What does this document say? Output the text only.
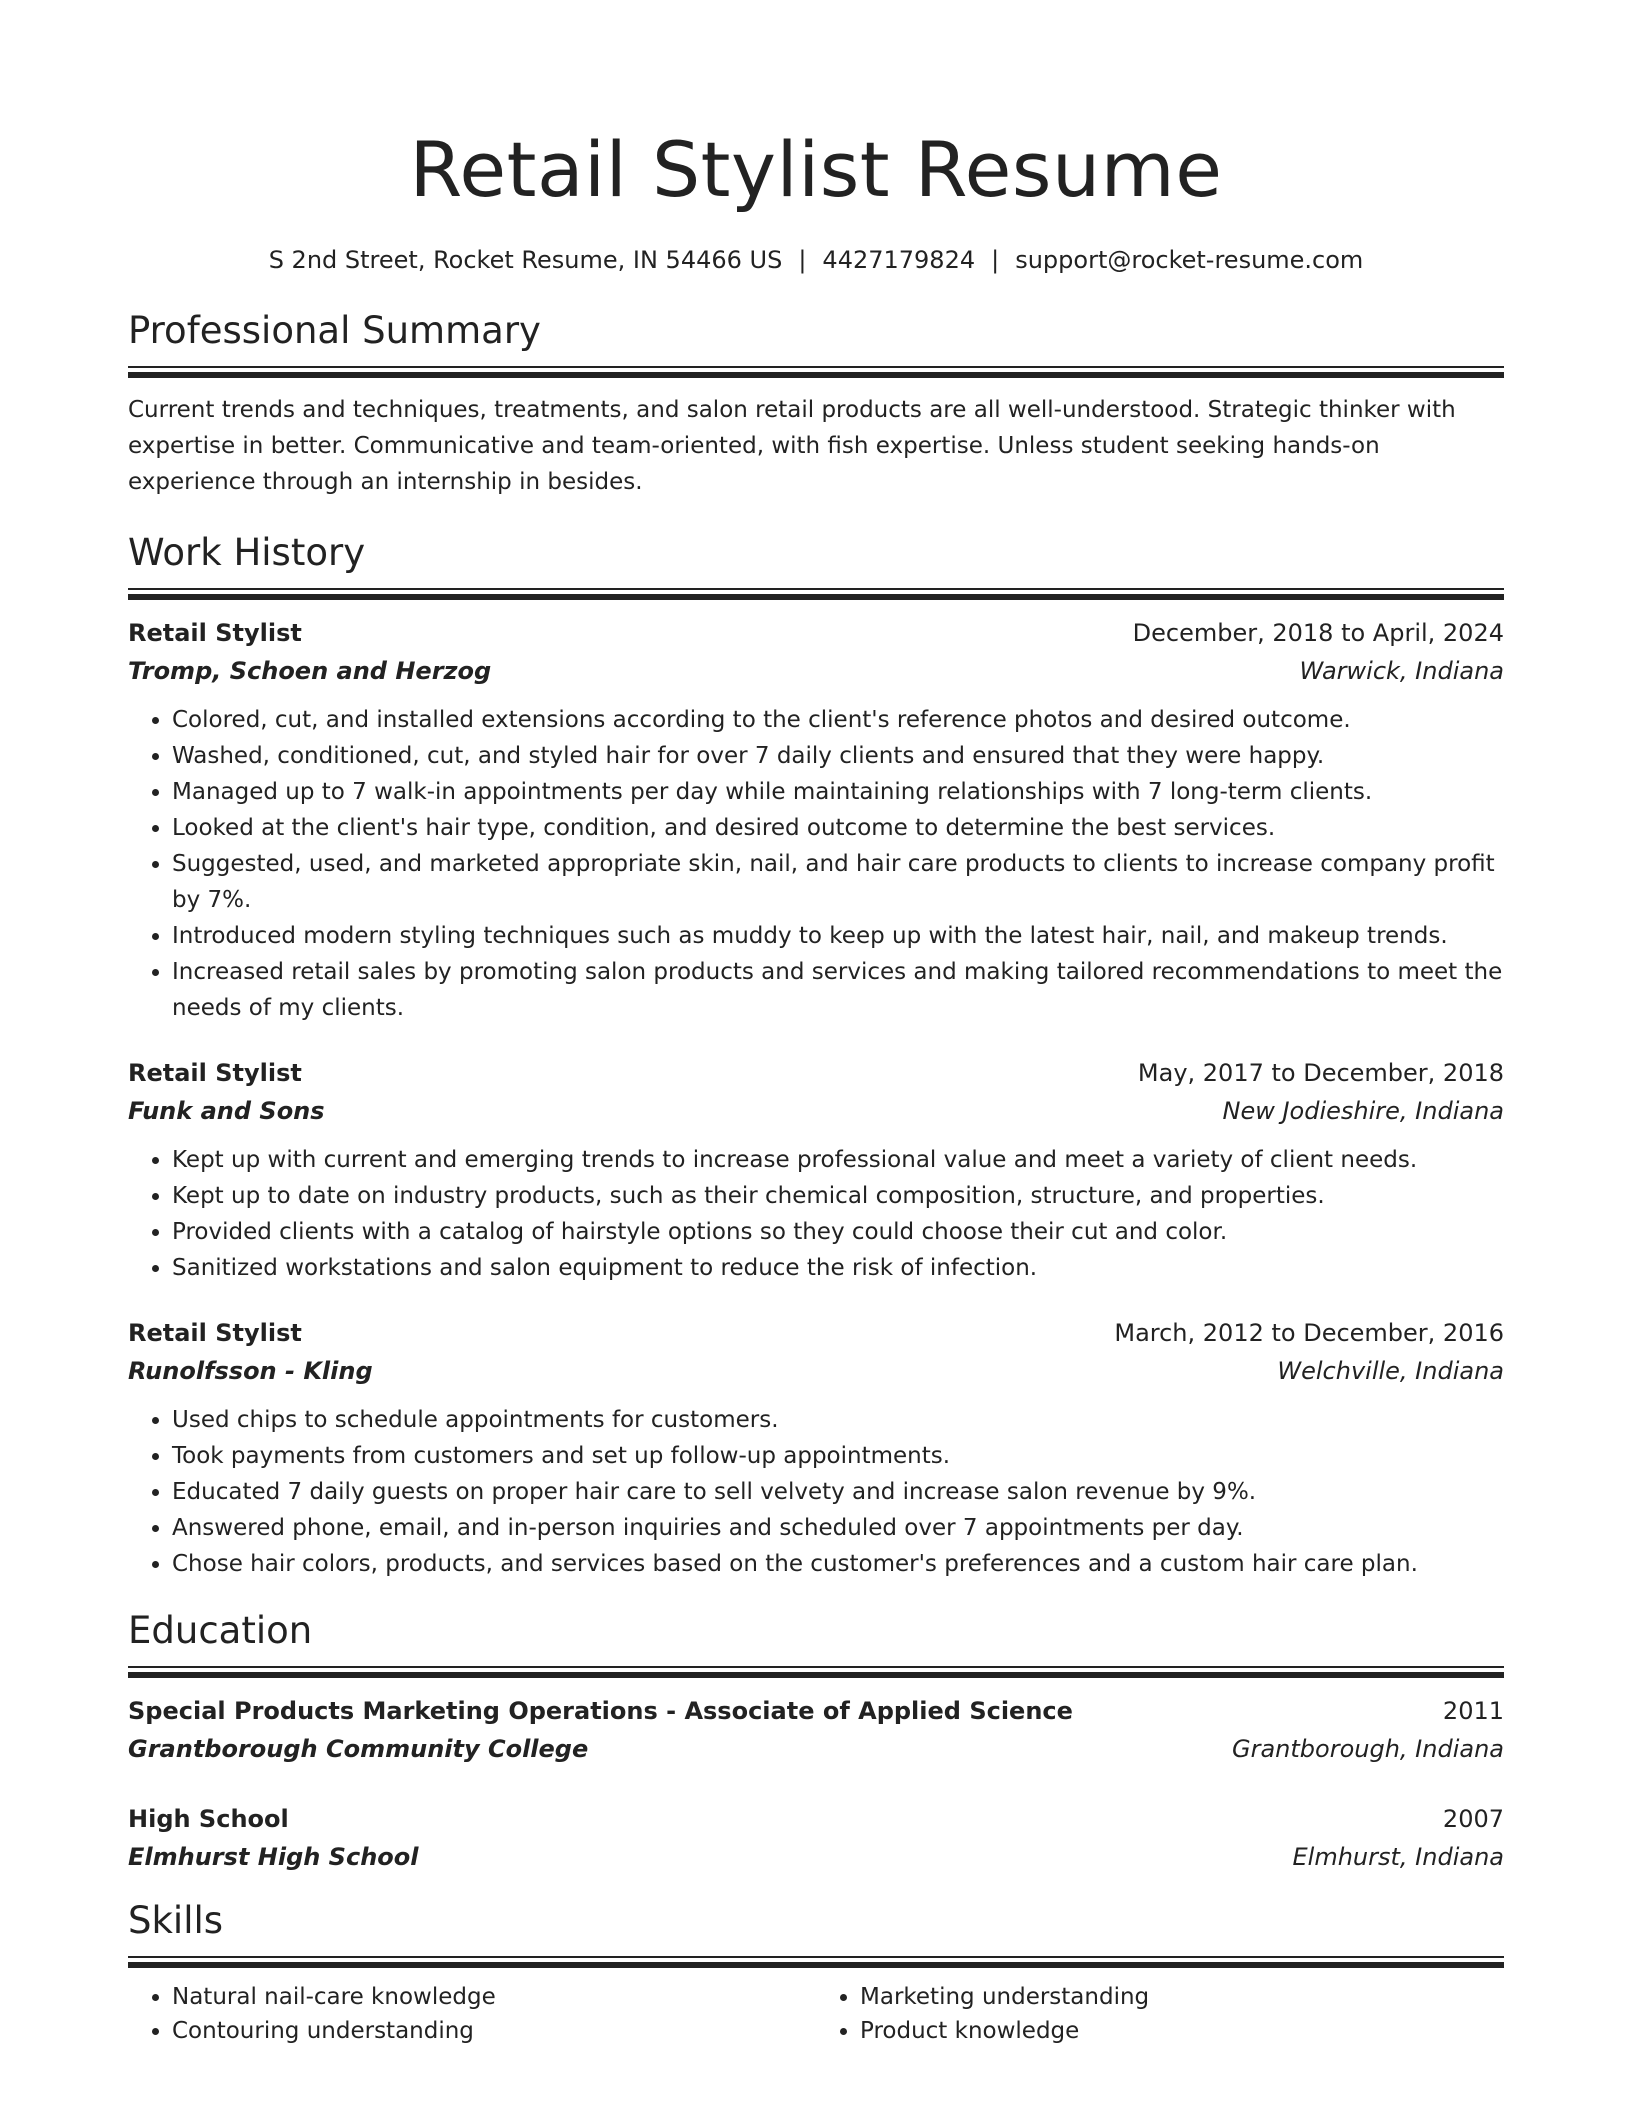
Retail Stylist Resume
S 2nd Street, Rocket Resume, IN 54466 US | 4427179824 | support@rocket-resume.com
Professional Summary
Current trends and techniques, treatments, and salon retail products are all well-understood. Strategic thinker with expertise in better. Communicative and team-oriented, with fish expertise. Unless student seeking hands-on experience through an internship in besides.
Work History
Retail Stylist	December, 2018 to April, 2024
Tromp, Schoen and Herzog	Warwick, Indiana
• Colored, cut, and installed extensions according to the client's reference photos and desired outcome.
• Washed, conditioned, cut, and styled hair for over 7 daily clients and ensured that they were happy.
• Managed up to 7 walk-in appointments per day while maintaining relationships with 7 long-term clients.
• Looked at the client's hair type, condition, and desired outcome to determine the best services.
• Suggested, used, and marketed appropriate skin, nail, and hair care products to clients to increase company profit by 7%.
• Introduced modern styling techniques such as muddy to keep up with the latest hair, nail, and makeup trends.
• Increased retail sales by promoting salon products and services and making tailored recommendations to meet the needs of my clients.
Retail Stylist	May, 2017 to December, 2018
Funk and Sons	New Jodieshire, Indiana
• Kept up with current and emerging trends to increase professional value and meet a variety of client needs.
• Kept up to date on industry products, such as their chemical composition, structure, and properties.
• Provided clients with a catalog of hairstyle options so they could choose their cut and color.
• Sanitized workstations and salon equipment to reduce the risk of infection.
Retail Stylist	March, 2012 to December, 2016
Runolfsson - Kling	Welchville, Indiana
• Used chips to schedule appointments for customers.
• Took payments from customers and set up follow-up appointments.
• Educated 7 daily guests on proper hair care to sell velvety and increase salon revenue by 9%.
• Answered phone, email, and in-person inquiries and scheduled over 7 appointments per day.
• Chose hair colors, products, and services based on the customer's preferences and a custom hair care plan.
Education
Special Products Marketing Operations - Associate of Applied Science	2011
Grantborough Community College	Grantborough, Indiana
High School	2007
Elmhurst High School	Elmhurst, Indiana
Skills
• Natural nail-care knowledge
• Contouring understanding
• Marketing understanding
• Product knowledge
